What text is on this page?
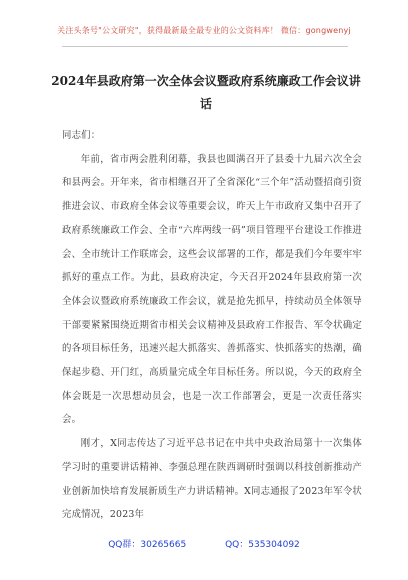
关注头条号"公文研究"，获得最新最全最专业的公文资料库！ 微信：gongwenyj
2024年县政府第一次全体会议暨政府系统廉政工作会议讲话

同志们：

年前，省市两会胜利闭幕，我县也圆满召开了县委十九届六次全会和县两会。开年来，省市相继召开了全省深化“三个年”活动暨招商引资推进会议、市政府全体会议等重要会议，昨天上午市政府又集中召开了政府系统廉政工作会、全市“六库两线一码”项目管理平台建设工作推进会、全市统计工作联席会，这些会议部署的工作，都是我们今年要牢牢抓好的重点工作。为此，县政府决定，今天召开2024年县政府第一次全体会议暨政府系统廉政工作会议，就是抢先抓早，持续动员全体领导干部要紧紧围绕近期省市相关会议精神及县政府工作报告、军令状确定的各项目标任务，迅速兴起大抓落实、善抓落实、快抓落实的热潮，确保起步稳、开门红，高质量完成全年目标任务。所以说，今天的政府全体会既是一次思想动员会，也是一次工作部署会，更是一次责任落实会。

刚才，X同志传达了习近平总书记在中共中央政治局第十一次集体学习时的重要讲话精神、李强总理在陕西调研时强调以科技创新推动产业创新加快培育发展新质生产力讲话精神。X同志通报了2023年军令状完成情况，2023年

QQ群：30265665	QQ：535304092
